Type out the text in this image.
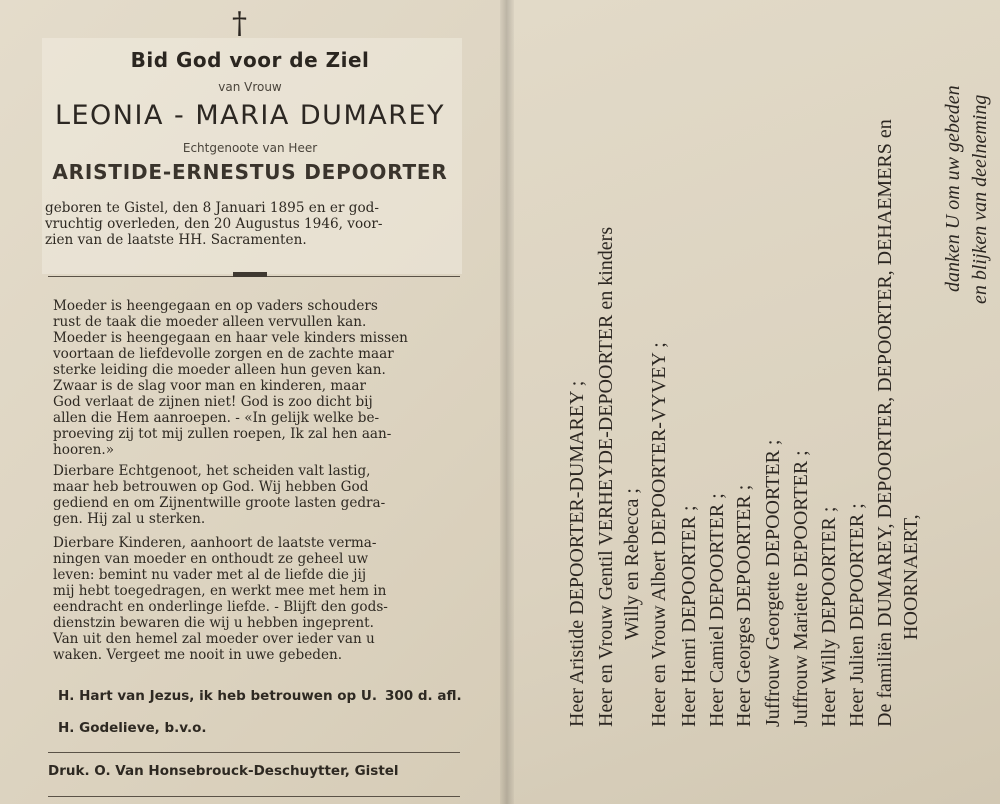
†
Bid God voor de Ziel
van Vrouw
LEONIA - MARIA DUMAREY
Echtgenoote van Heer
ARISTIDE-ERNESTUS DEPOORTER
geboren te Gistel, den 8 Januari 1895 en er god-
vruchtig overleden, den 20 Augustus 1946, voor-
zien van de laatste HH. Sacramenten.
Moeder is heengegaan en op vaders schouders
rust de taak die moeder alleen vervullen kan.
Moeder is heengegaan en haar vele kinders missen
voortaan de liefdevolle zorgen en de zachte maar
sterke leiding die moeder alleen hun geven kan.
Zwaar is de slag voor man en kinderen, maar
God verlaat de zijnen niet! God is zoo dicht bij
allen die Hem aanroepen. - «In gelijk welke be-
proeving zij tot mij zullen roepen, Ik zal hen aan-
hooren.»
Dierbare Echtgenoot, het scheiden valt lastig,
maar heb betrouwen op God. Wij hebben God
gediend en om Zijnentwille groote lasten gedra-
gen. Hij zal u sterken.
Dierbare Kinderen, aanhoort de laatste verma-
ningen van moeder en onthoudt ze geheel uw
leven: bemint nu vader met al de liefde die jij
mij hebt toegedragen, en werkt mee met hem in
eendracht en onderlinge liefde. - Blijft den gods-
dienstzin bewaren die wij u hebben ingeprent.
Van uit den hemel zal moeder over ieder van u
waken. Vergeet me nooit in uwe gebeden.
H. Hart van Jezus, ik heb betrouwen op U. 300 d. afl.
H. Godelieve, b.v.o.
Druk. O. Van Honsebrouck-Deschuytter, Gistel
Heer Aristide DEPOORTER-DUMAREY ; Heer en Vrouw Gentil VERHEYDE-DEPOORTER en kinders Willy en Rebecca ; Heer en Vrouw Albert DEPOORTER-VYVEY ; Heer Henri DEPOORTER ; Heer Camiel DEPOORTER ; Heer Georges DEPOORTER ; Juffrouw Georgette DEPOORTER ; Juffrouw Mariette DEPOORTER ; Heer Willy DEPOORTER ; Heer Julien DEPOORTER ; De familiën DUMAREY, DEPOORTER, DEPOORTER, DEHAEMERS en HOORNAERT,
danken U om uw gebeden en blijken van deelneming
